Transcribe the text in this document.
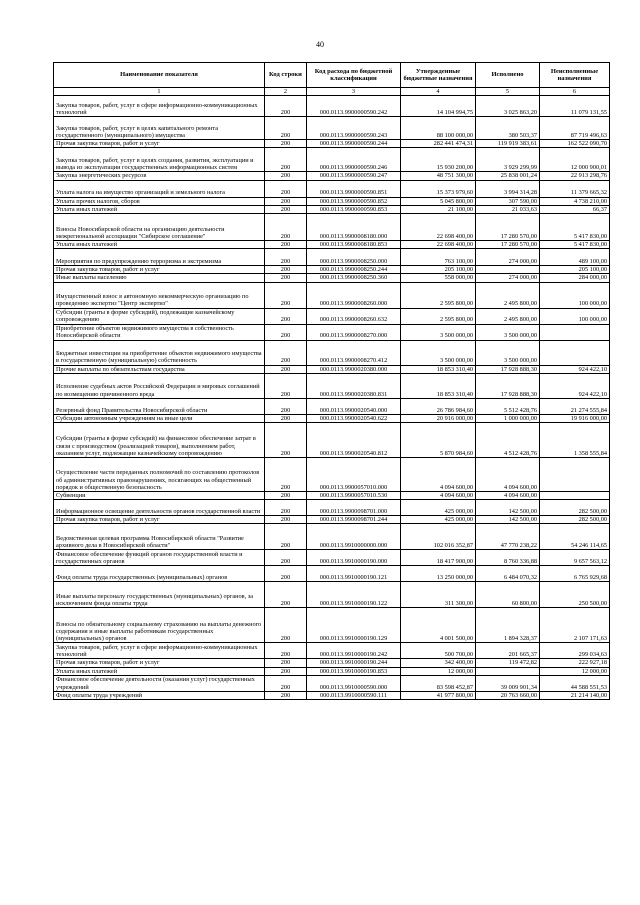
40
Наименование показателя	Код строки	Код расхода по бюджетной классификации	Утвержденные бюджетные назначения	Исполнено	Неисполненные назначения
1	2	3	4	5	6
Закупка товаров, работ, услуг в сфере информационно-коммуникационных технологий	200	000.0113.9900000590.242	14 104 994,75	3 025 863,20	11 079 131,55
Закупка товаров, работ, услуг в целях капитального ремонта государственного (муниципального) имущества	200	000.0113.9900000590.243	88 100 000,00	380 503,37	87 719 496,63
Прочая закупка товаров, работ и услуг	200	000.0113.9900000590.244	282 441 474,31	119 919 383,61	162 522 090,70
Закупка товаров, работ, услуг в целях создания, развития, эксплуатации и вывода из эксплуатации государственных информационных систем	200	000.0113.9900000590.246	15 930 200,00	3 929 299,99	12 000 900,01
Закупка энергетических ресурсов	200	000.0113.9900000590.247	48 751 300,00	25 838 001,24	22 913 298,76
Уплата налога на имущество организаций и земельного налога	200	000.0113.9900000590.851	15 373 979,60	3 994 314,28	11 379 665,32
Уплата прочих налогов, сборов	200	000.0113.9900000590.852	5 045 800,00	307 590,00	4 738 210,00
Уплата иных платежей	200	000.0113.9900000590.853	21 100,00	21 033,63	66,37
Взносы Новосибирской области на организацию деятельности межрегиональной ассоциации "Сибирское соглашение"	200	000.0113.9900008180.000	22 698 400,00	17 280 570,00	5 417 830,00
Уплата иных платежей	200	000.0113.9900008180.853	22 698 400,00	17 280 570,00	5 417 830,00
Мероприятия по предупреждению терроризма и экстремизма	200	000.0113.9900008250.000	763 100,00	274 000,00	489 100,00
Прочая закупка товаров, работ и услуг	200	000.0113.9900008250.244	205 100,00		205 100,00
Иные выплаты населению	200	000.0113.9900008250.360	558 000,00	274 000,00	284 000,00
Имущественный взнос в автономную некоммерческую организацию по проведению экспертиз "Центр экспертиз"	200	000.0113.9900008260.000	2 595 800,00	2 495 800,00	100 000,00
Субсидии (гранты в форме субсидий), подлежащие казначейскому сопровождению	200	000.0113.9900008260.632	2 595 800,00	2 495 800,00	100 000,00
Приобретение объектов недвижимого имущества в собственность Новосибирской области	200	000.0113.9900008270.000	3 500 000,00	3 500 000,00	
Бюджетные инвестиции на приобретение объектов недвижимого имущества в государственную (муниципальную) собственность	200	000.0113.9900008270.412	3 500 000,00	3 500 000,00	
Прочие выплаты по обязательствам государства	200	000.0113.9900020380.000	18 853 310,40	17 928 888,30	924 422,10
Исполнение судебных актов Российской Федерации и мировых соглашений по возмещению причиненного вреда	200	000.0113.9900020380.831	18 853 310,40	17 928 888,30	924 422,10
Резервный фонд Правительства Новосибирской области	200	000.0113.9900020540.000	26 786 984,60	5 512 428,76	21 274 555,84
Субсидии автономным учреждениям на иные цели	200	000.0113.9900020540.622	20 916 000,00	1 000 000,00	19 916 000,00
Субсидии (гранты в форме субсидий) на финансовое обеспечение затрат в связи с производством (реализацией товаров), выполнением работ, оказанием услуг, подлежащие казначейскому сопровождению	200	000.0113.9900020540.812	5 870 984,60	4 512 428,76	1 358 555,84
Осуществление части переданных полномочий по составлению протоколов об административных правонарушениях, посягающих на общественный порядок и общественную безопасность	200	000.0113.9900057010.000	4 094 600,00	4 094 600,00	
Субвенции	200	000.0113.9900057010.530	4 094 600,00	4 094 600,00	
Информационное освещение деятельности органов государственной власти	200	000.0113.9900098701.000	425 000,00	142 500,00	282 500,00
Прочая закупка товаров, работ и услуг	200	000.0113.9900098701.244	425 000,00	142 500,00	282 500,00
Ведомственная целевая программа Новосибирской области "Развитие архивного дела в Новосибирской области"	200	000.0113.9910000000.000	102 016 352,87	47 770 238,22	54 246 114,65
Финансовое обеспечение функций органов государственной власти и государственных органов	200	000.0113.9910000190.000	18 417 900,00	8 760 336,88	9 657 563,12
Фонд оплаты труда государственных (муниципальных) органов	200	000.0113.9910000190.121	13 250 000,00	6 484 070,32	6 765 929,68
Иные выплаты персоналу государственных (муниципальных) органов, за исключением фонда оплаты труда	200	000.0113.9910000190.122	311 300,00	60 800,00	250 500,00
Взносы по обязательному социальному страхованию на выплаты денежного содержания и иные выплаты работникам государственных (муниципальных) органов	200	000.0113.9910000190.129	4 001 500,00	1 894 328,37	2 107 171,63
Закупка товаров, работ, услуг в сфере информационно-коммуникационных технологий	200	000.0113.9910000190.242	500 700,00	201 665,37	299 034,63
Прочая закупка товаров, работ и услуг	200	000.0113.9910000190.244	342 400,00	119 472,82	222 927,18
Уплата иных платежей	200	000.0113.9910000190.853	12 000,00		12 000,00
Финансовое обеспечение деятельности (оказания услуг) государственных учреждений	200	000.0113.9910000590.000	83 598 452,87	39 009 901,34	44 588 551,53
Фонд оплаты труда учреждений	200	000.0113.9910000590.111	41 977 800,00	20 763 660,00	21 214 140,00
